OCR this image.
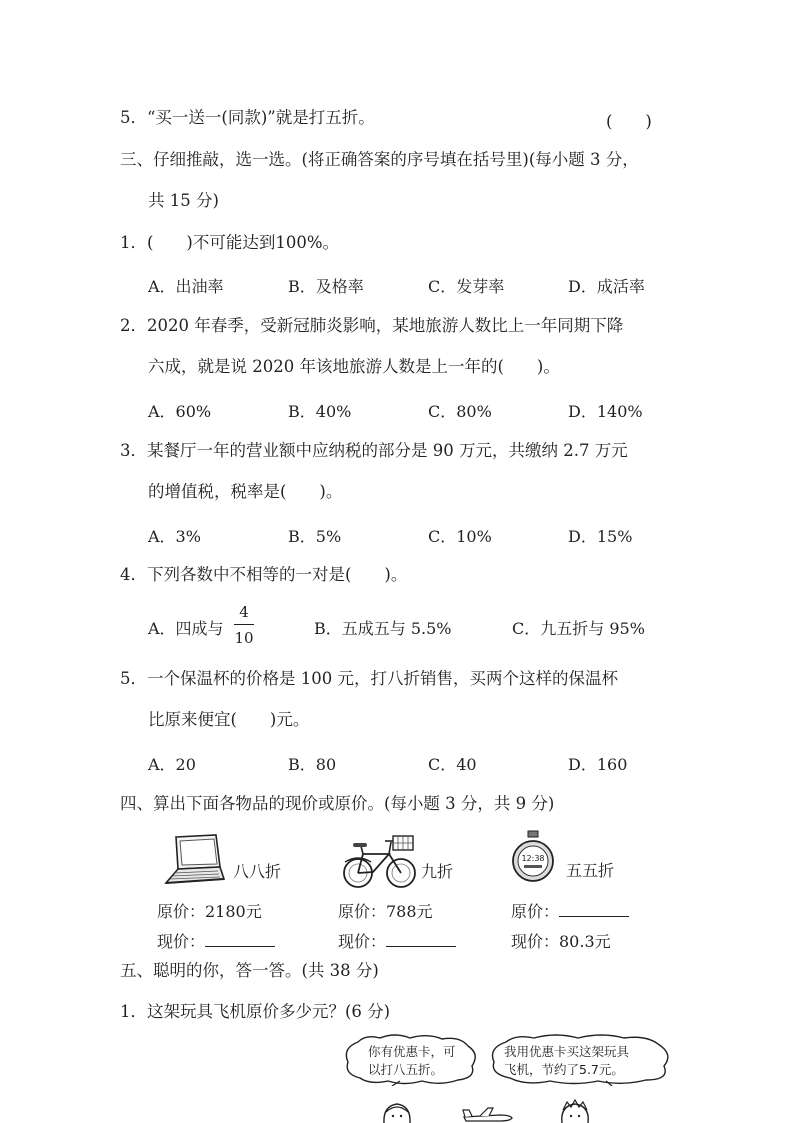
5．“买一送一(同款)”就是打五折。	(　　)
三、仔细推敲，选一选。(将正确答案的序号填在括号里)(每小题 3 分，
共 15 分)
1．(　　)不可能达到100%。
A．出油率	B．及格率	C．发芽率	D．成活率
2．2020 年春季，受新冠肺炎影响，某地旅游人数比上一年同期下降
六成，就是说 2020 年该地旅游人数是上一年的(　　)。
A．60%	B．40%	C．80%	D．140%
3．某餐厅一年的营业额中应纳税的部分是 90 万元，共缴纳 2.7 万元
的增值税，税率是(　　)。
A．3%	B．5%	C．10%	D．15%
4．下列各数中不相等的一对是(　　)。
A．四成与
4
10	B．五成五与 5.5%	C．九五折与 95%
5．一个保温杯的价格是 100 元，打八折销售，买两个这样的保温杯
比原来便宜(　　)元。
A．20	B．80	C．40	D．160
四、算出下面各物品的现价或原价。(每小题 3 分，共 9 分)
八八折	九折
12:38
五五折
原价：2180元
现价：
原价：788元
现价：
原价：
现价：80.3元
五、聪明的你，答一答。(共 38 分)
1．这架玩具飞机原价多少元？(6 分)
你有优惠卡，可
以打八五折。
我用优惠卡买这架玩具
飞机，节约了5.7元。
